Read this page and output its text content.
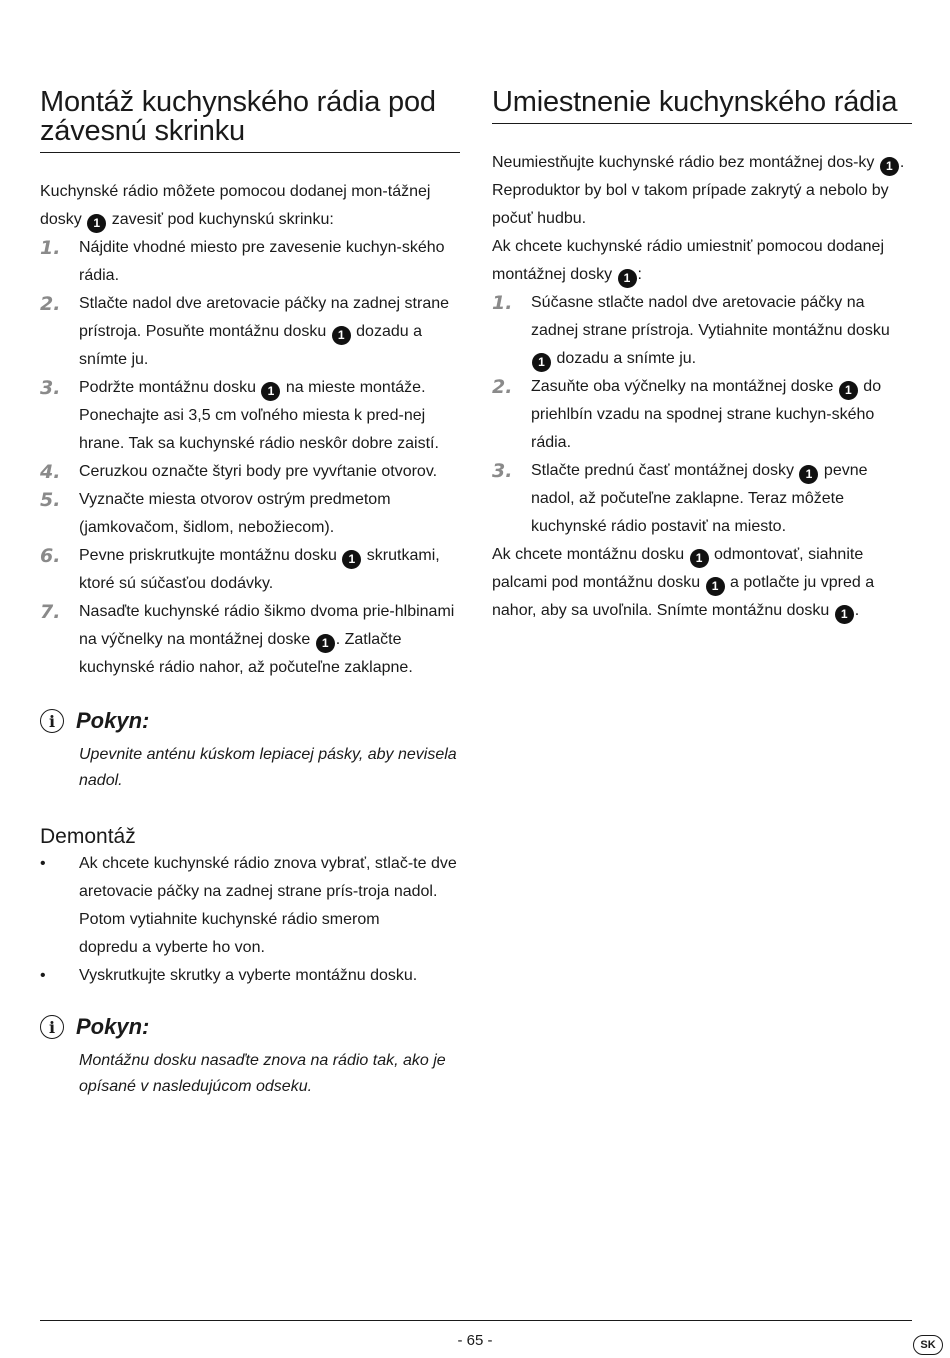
Montáž kuchynského rádia pod závesnú skrinku

Kuchynské rádio môžete pomocou dodanej mon-tážnej dosky 1 zavesiť pod kuchynskú skrinku:

1. Nájdite vhodné miesto pre zavesenie kuchyn-ského rádia.
2. Stlačte nadol dve aretovacie páčky na zadnej strane prístroja. Posuňte montážnu dosku 1 dozadu a snímte ju.
3. Podržte montážnu dosku 1 na mieste montáže. Ponechajte asi 3,5 cm voľného miesta k pred-nej hrane. Tak sa kuchynské rádio neskôr dobre zaistí.
4. Ceruzkou označte štyri body pre vyvŕtanie otvorov.
5. Vyznačte miesta otvorov ostrým predmetom (jamkovačom, šidlom, nebožiecom).
6. Pevne priskrutkujte montážnu dosku 1 skrutkami, ktoré sú súčasťou dodávky.
7. Nasaďte kuchynské rádio šikmo dvoma prie-hlbinami na výčnelky na montážnej doske 1 . Zatlačte kuchynské rádio nahor, až počuteľne zaklapne.
i Pokyn:
Upevnite anténu kúskom lepiacej pásky, aby nevisela nadol.
Demontáž
• Ak chcete kuchynské rádio znova vybrať, stlač-te dve aretovacie páčky na zadnej strane prís-troja nadol. Potom vytiahnite kuchynské rádio smerom
dopredu a vyberte ho von.
• Vyskrutkujte skrutky a vyberte montážnu dosku.
i Pokyn:
Montážnu dosku nasaďte znova na rádio tak, ako je opísané v nasledujúcom odseku.
Umiestnenie kuchynského rádia

Neumiestňujte kuchynské rádio bez montážnej dos-ky 1 . Reproduktor by bol v takom prípade zakrytý a nebolo by počuť hudbu.

Ak chcete kuchynské rádio umiestniť pomocou dodanej montážnej dosky 1 :

1. Súčasne stlačte nadol dve aretovacie páčky na zadnej strane prístroja. Vytiahnite montážnu dosku 1 dozadu a snímte ju.
2. Zasuňte oba výčnelky na montážnej doske 1 do priehlbín vzadu na spodnej strane kuchyn-ského rádia.
3. Stlačte prednú časť montážnej dosky 1 pevne nadol, až počuteľne zaklapne. Teraz môžete kuchynské rádio postaviť na miesto.

Ak chcete montážnu dosku 1 odmontovať, siahnite palcami pod montážnu dosku 1 a potlačte ju vpred a nahor, aby sa uvoľnila. Snímte montážnu dosku 1 .

- 65 -	SK
